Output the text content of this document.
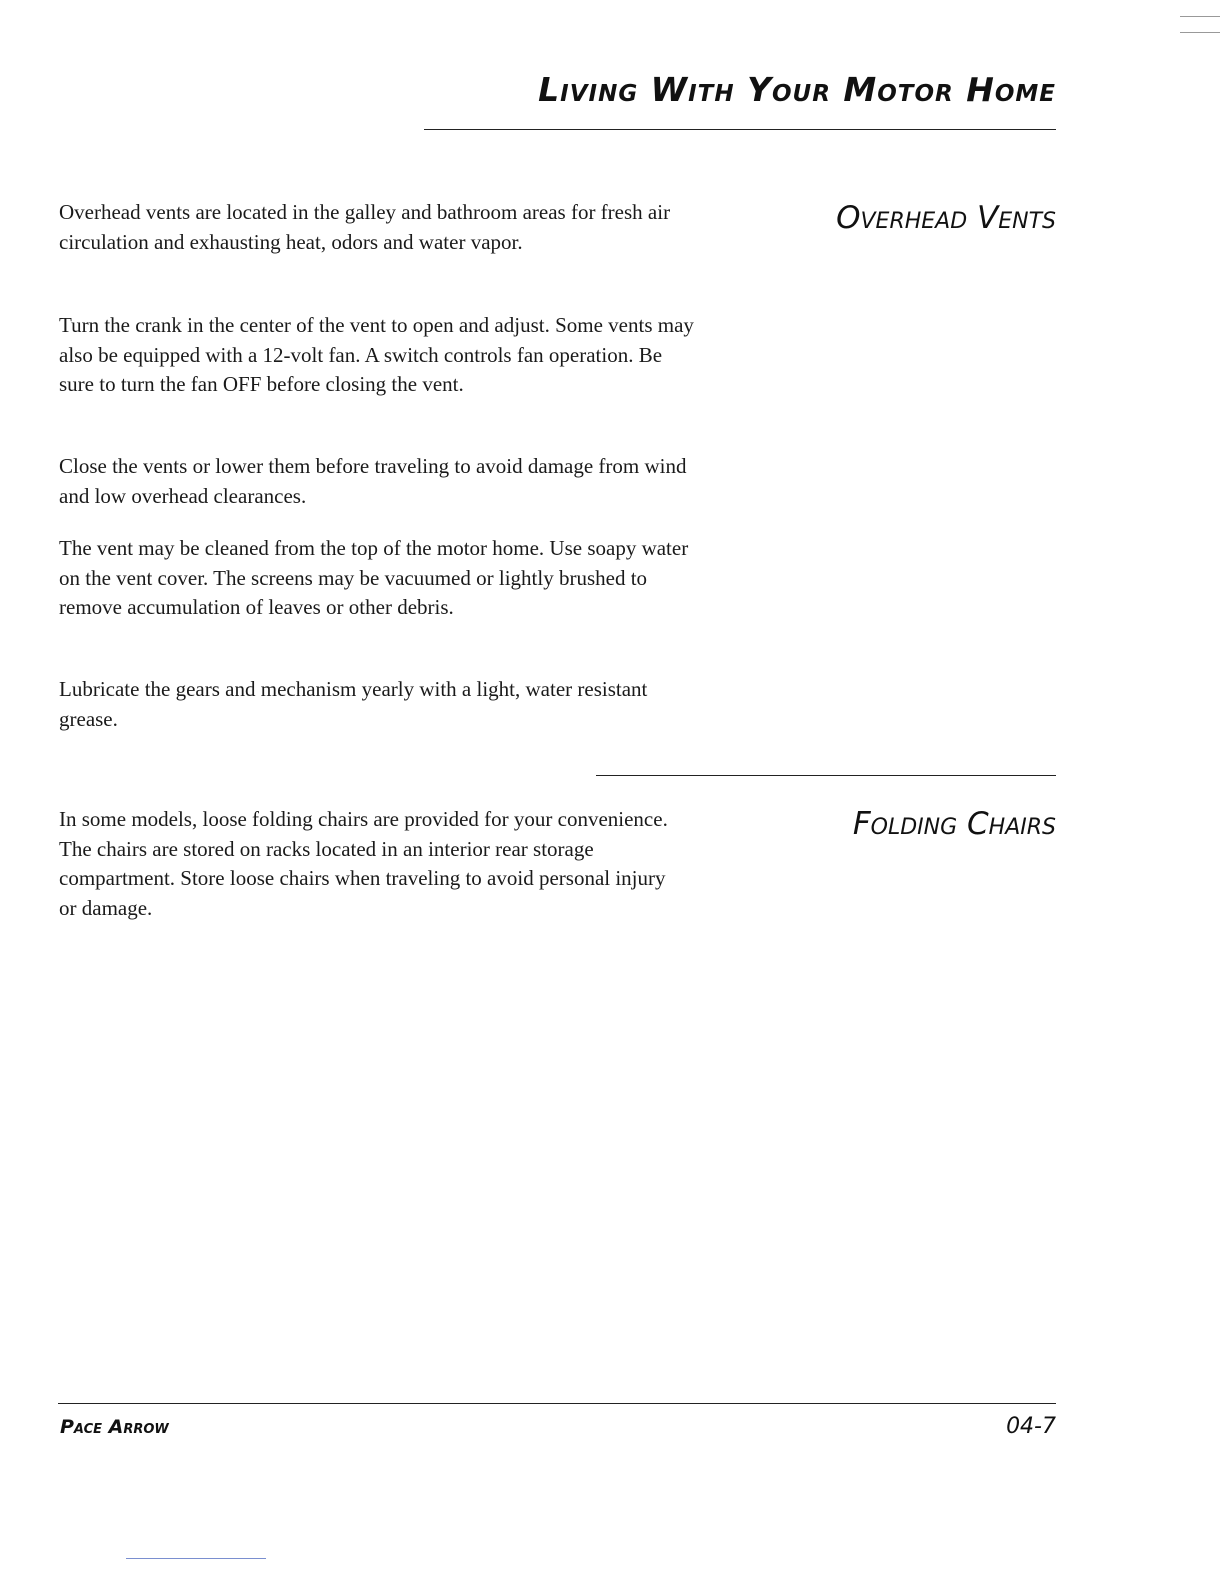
Living With Your Motor Home
Overhead Vents

Overhead vents are located in the galley and bathroom areas for fresh air circulation and exhausting heat, odors and water vapor.

Turn the crank in the center of the vent to open and adjust. Some vents may also be equipped with a 12-volt fan. A switch controls fan operation. Be sure to turn the fan OFF before closing the vent.

Close the vents or lower them before traveling to avoid damage from wind and low overhead clearances.

The vent may be cleaned from the top of the motor home. Use soapy water on the vent cover. The screens may be vacuumed or lightly brushed to remove accumulation of leaves or other debris.

Lubricate the gears and mechanism yearly with a light, water resistant grease.

Folding Chairs

In some models, loose folding chairs are provided for your convenience. The chairs are stored on racks located in an interior rear storage compartment. Store loose chairs when traveling to avoid personal injury or damage.

Pace Arrow	04-7
